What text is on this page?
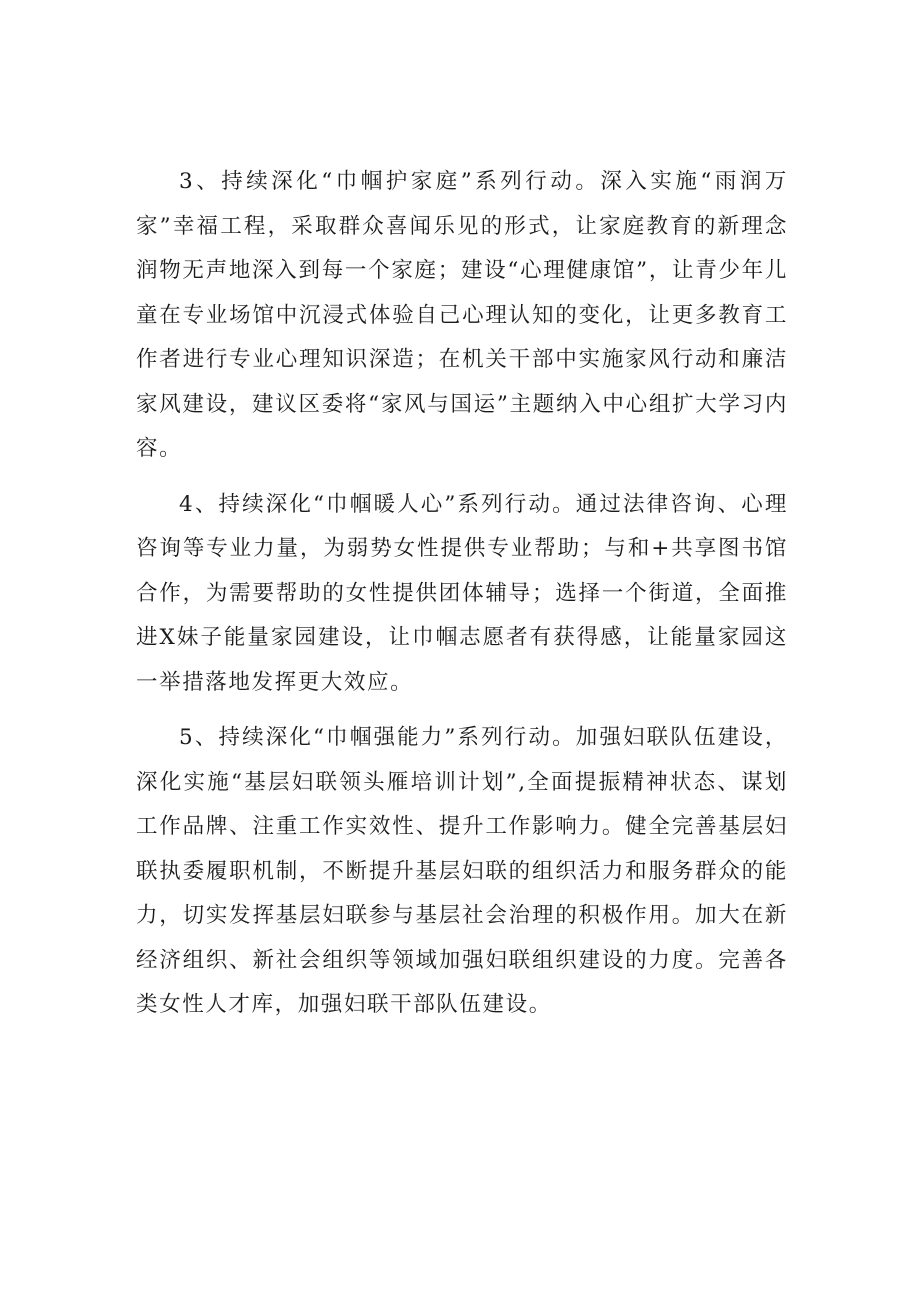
3、持续深化“巾帼护家庭”系列行动。深入实施“雨润万家”幸福工程，采取群众喜闻乐见的形式，让家庭教育的新理念润物无声地深入到每一个家庭；建设“心理健康馆”，让青少年儿童在专业场馆中沉浸式体验自己心理认知的变化，让更多教育工作者进行专业心理知识深造；在机关干部中实施家风行动和廉洁家风建设，建议区委将“家风与国运”主题纳入中心组扩大学习内容。

4、持续深化“巾帼暖人心”系列行动。通过法律咨询、心理咨询等专业力量，为弱势女性提供专业帮助；与和+共享图书馆合作，为需要帮助的女性提供团体辅导；选择一个街道，全面推进X妹子能量家园建设，让巾帼志愿者有获得感，让能量家园这一举措落地发挥更大效应。

5、持续深化“巾帼强能力”系列行动。加强妇联队伍建设，深化实施“基层妇联领头雁培训计划”,全面提振精神状态、谋划工作品牌、注重工作实效性、提升工作影响力。健全完善基层妇联执委履职机制，不断提升基层妇联的组织活力和服务群众的能力，切实发挥基层妇联参与基层社会治理的积极作用。加大在新经济组织、新社会组织等领域加强妇联组织建设的力度。完善各类女性人才库，加强妇联干部队伍建设。
